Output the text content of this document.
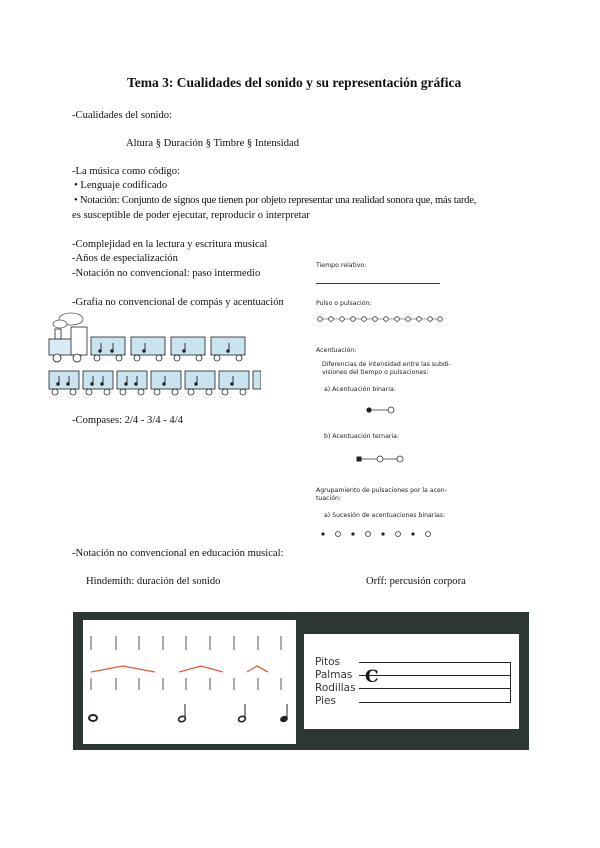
Tema 3: Cualidades del sonido y su representación gráfica
-Cualidades del sonido:
Altura § Duración § Timbre § Intensidad
-La música como código:
• Lenguaje codificado
• Notación: Conjunto de signos que tienen por objeto representar una realidad sonora que, más tarde,
es susceptible de poder ejecutar, reproducir o interpretar
-Complejidad en la lectura y escritura musical
-Años de especialización
-Notación no convencional: paso intermedio
-Grafía no convencional de compás y acentuación
-Compases: 2/4 - 3/4 - 4/4
Tiempo relativo:
Pulso o pulsación:
Acentuación:
Diferencias de intensidad entre las subdi-
visiones del tiempo o pulsaciones:
a) Acentuación binaria:
b) Acentuación ternaria:
Agrupamiento de pulsaciones por la acen-
tuación:
a) Sucesión de acentuaciones binarias:
-Notación no convencional en educación musical:
Hindemith: duración del sonido	Orff: percusión corpora
C
Pitos
Palmas
Rodillas
Pies
